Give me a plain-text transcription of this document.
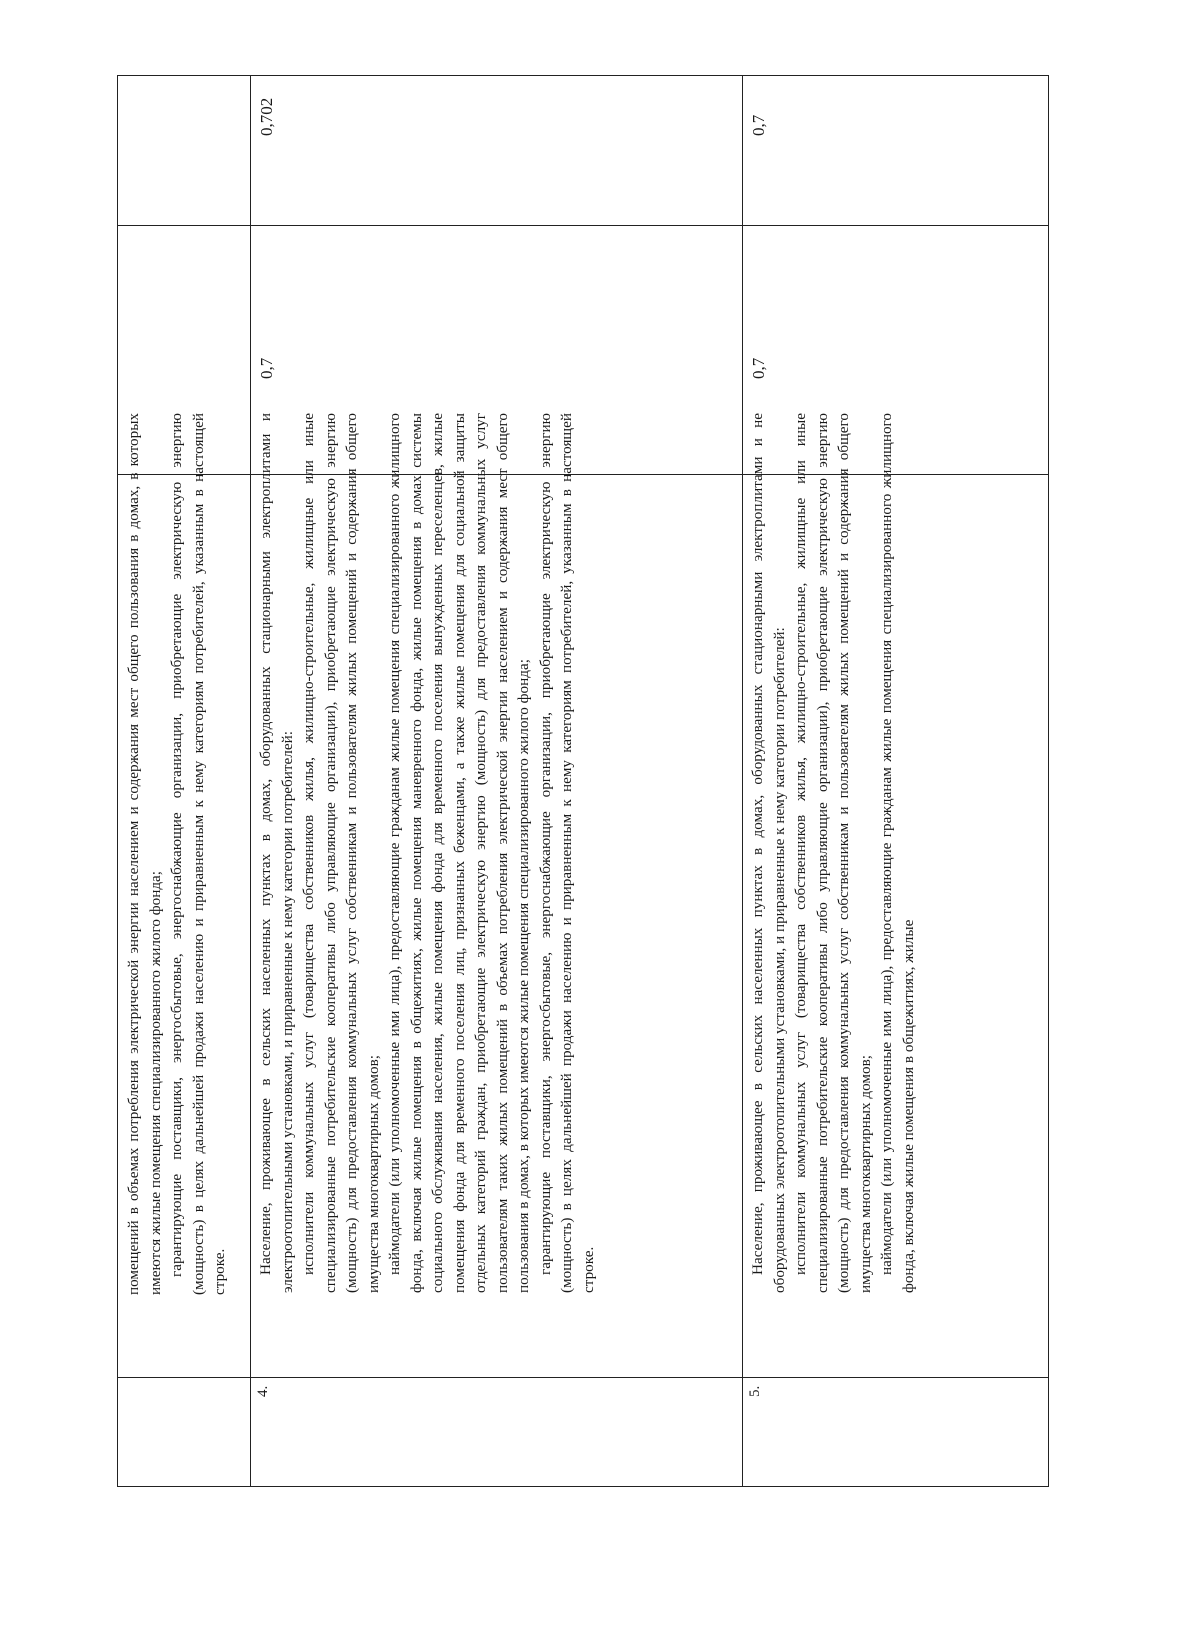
помещений в объемах потребления электрической энергии населением и содержания мест общего пользования в домах, в которых имеются жилые помещения специализированного жилого фонда; гарантирующие поставщики, энергосбытовые, энергоснабжающие организации, приобретающие электрическую энергию (мощность) в целях дальнейшей продажи населению и приравненным к нему категориям потребителей, указанным в настоящей строке.

4.

Население, проживающее в сельских населенных пунктах в домах, оборудованных стационарными электроплитами и электроотопительными установками, и приравненные к нему категории потребителей: исполнители коммунальных услуг (товарищества собственников жилья, жилищно-строительные, жилищные или иные специализированные потребительские кооперативы либо управляющие организации), приобретающие электрическую энергию (мощность) для предоставления коммунальных услуг собственникам и пользователям жилых помещений и содержания общего имущества многоквартирных домов; наймодатели (или уполномоченные ими лица), предоставляющие гражданам жилые помещения специализированного жилищного фонда, включая жилые помещения в общежитиях, жилые помещения маневренного фонда, жилые помещения в домах системы социального обслуживания населения, жилые помещения фонда для временного поселения вынужденных переселенцев, жилые помещения фонда для временного поселения лиц, признанных беженцами, а также жилые помещения для социальной защиты отдельных категорий граждан, приобретающие электрическую энергию (мощность) для предоставления коммунальных услуг пользователям таких жилых помещений в объемах потребления электрической энергии населением и содержания мест общего пользования в домах, в которых имеются жилые помещения специализированного жилого фонда; гарантирующие поставщики, энергосбытовые, энергоснабжающие организации, приобретающие электрическую энергию (мощность) в целях дальнейшей продажи населению и приравненным к нему категориям потребителей, указанным в настоящей строке.

0,7
0,702
5.

Население, проживающее в сельских населенных пунктах в домах, оборудованных стационарными электроплитами и не оборудованных электроотопительными установками, и приравненные к нему категории потребителей: исполнители коммунальных услуг (товарищества собственников жилья, жилищно-строительные, жилищные или иные специализированные потребительские кооперативы либо управляющие организации), приобретающие электрическую энергию (мощность) для предоставления коммунальных услуг собственникам и пользователям жилых помещений и содержания общего имущества многоквартирных домов; наймодатели (или уполномоченные ими лица), предоставляющие гражданам жилые помещения специализированного жилищного фонда, включая жилые помещения в общежитиях, жилые

0,7
0,7
